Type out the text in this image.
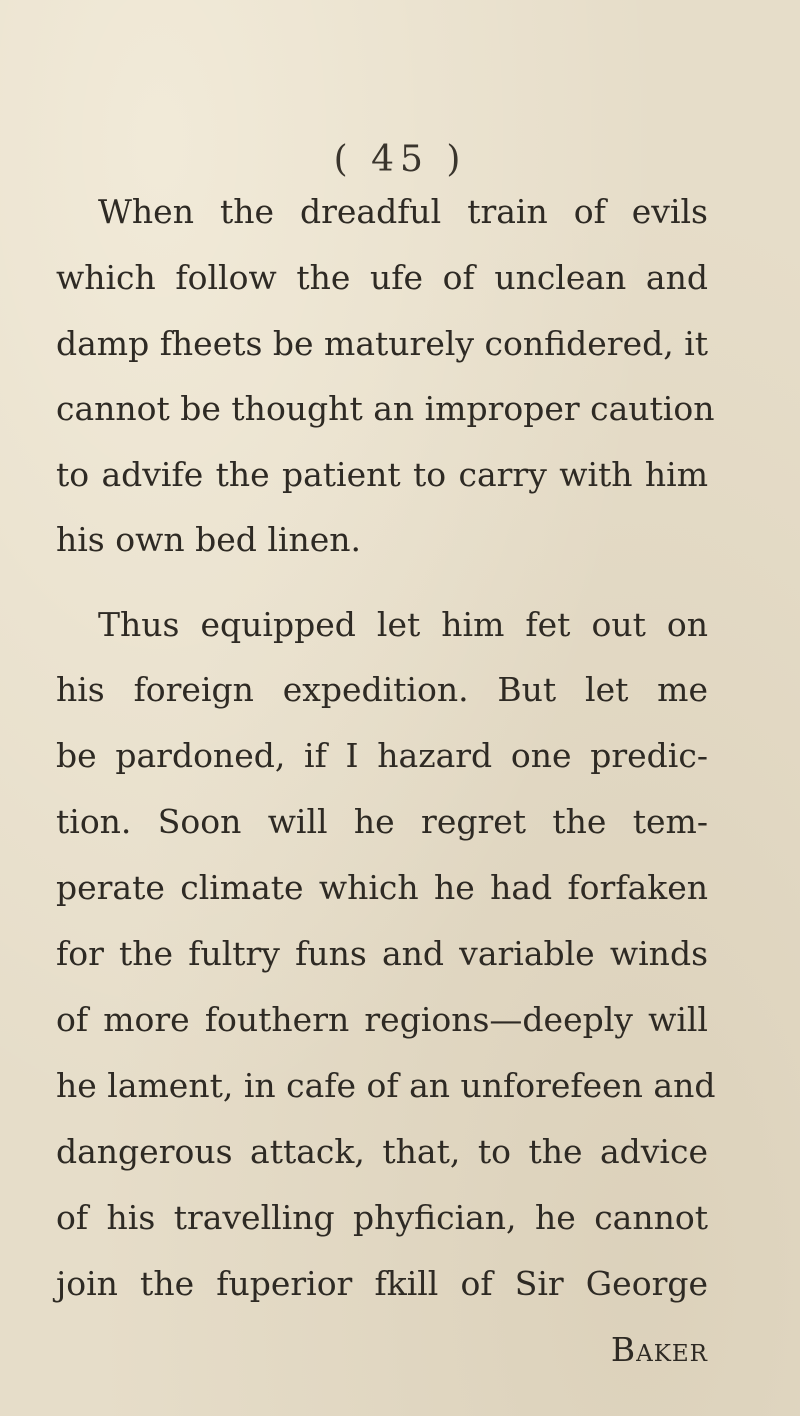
( 45 )
When the dreadful train of evils
which follow the ufe of unclean and
damp fheets be maturely confidered, it
cannot be thought an improper caution
to advife the patient to carry with him
his own bed linen.
Thus equipped let him fet out on
his foreign expedition. But let me
be pardoned, if I hazard one predic-
tion. Soon will he regret the tem-
perate climate which he had forfaken
for the fultry funs and variable winds
of more fouthern regions—deeply will
he lament, in cafe of an unforefeen and
dangerous attack, that, to the advice
of his travelling phyfician, he cannot
join the fuperior fkill of Sir George
Baker
